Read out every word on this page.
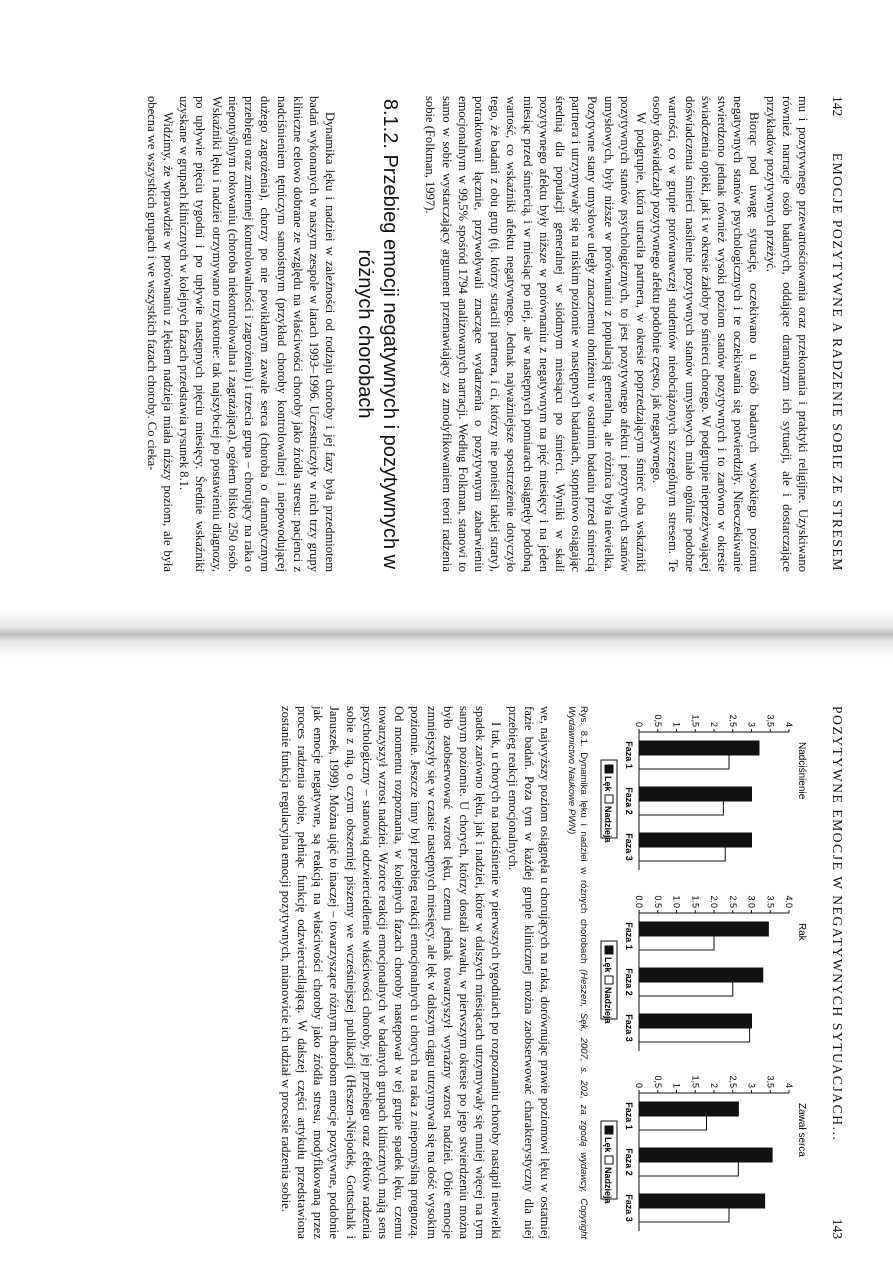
142
EMOCJE POZYTYWNE A RADZENIE SOBIE ZE STRESEM

mu i pozytywnego przewartościowania oraz przekonania i praktyki religijne. Uzyskiwano również narracje osób badanych, oddające dramatyzm ich sytuacji, ale i dostarczające przykładów pozytywnych przeżyć.

Biorąc pod uwagę sytuację, oczekiwano u osób badanych wysokiego poziomu negatywnych stanów psychologicznych i te oczekiwania się potwierdziły. Nieoczekiwanie stwierdzono jednak również wysoki poziom stanów pozytywnych i to zarówno w okresie świadczenia opieki, jak i w okresie żałoby po śmierci chorego. W podgrupie nieprzeżywającej doświadczenia śmierci nasilenie pozytywnych stanów umysłowych miało ogólnie podobne wartości, co w grupie porównawczej studentów nieobciążonych szczególnym stresem. Te osoby doświadczały pozytywnego afektu podobnie często, jak negatywnego.

W podgrupie, która utraciła partnera, w okresie poprzedzającym śmierć oba wskaźniki pozytywnych stanów psychologicznych, to jest pozytywnego afektu i pozytywnych stanów umysłowych, były niższe w porównaniu z populacją generalną, ale różnica była niewielka. Pozytywne stany umysłowe uległy znacznemu obniżeniu w ostatnim badaniu przed śmiercią partnera i utrzymywały się na niskim poziomie w następnych badaniach, stopniowo osiągając średnią dla populacji generalnej w siódmym miesiącu po śmierci. Wyniki w skali pozytywnego afektu były niższe w porównaniu z negatywnym na pięć miesięcy i na jeden miesiąc przed śmiercią, i w miesiąc po niej, ale w następnych pomiarach osiągnęły podobną wartość, co wskaźniki afektu negatywnego. Jednak najważniejsze spostrzeżenie dotyczyło tego, że badani z obu grup (tj. którzy stracili partnera, i ci, którzy nie ponieśli takiej straty), potraktowani łącznie, przywoływali znaczące wydarzenia o pozytywnym zabarwieniu emocjonalnym w 99,5% spośród 1794 analizowanych narracji. Według Folkman, stanowi to samo w sobie wystarczający argument przemawiający za zmodyfikowaniem teorii radzenia sobie (Folkman, 1997).

8.1.2. Przebieg emocji negatywnych i pozytywnych w różnych chorobach

Dynamika lęku i nadziei w zależności od rodzaju choroby i jej fazy była przedmiotem badań wykonanych w naszym zespole w latach 1993–1996. Uczestniczyły w nich trzy grupy kliniczne celowo dobrane ze względu na właściwości choroby jako źródła stresu: pacjenci z nadciśnieniem tętniczym samoistnym (przykład choroby kontrolowalnej i niepowodującej dużego zagrożenia), chorzy po nie powikłanym zawale serca (choroba o dramatycznym przebiegu oraz zmiennej kontrolowalności i zagrożeniu) i trzecia grupa – chorujący na raka o nieponyślnym rokowaniu (choroba niekontrolowalna i zagrażająca), ogółem blisko 250 osób. Wskaźniki lęku i nadziei otrzymywano trzykrotnie: tak najszybciej po postawieniu diagnozy, po upływie pięciu tygodni i po upływie następnych pięciu miesięcy. Średnie wskaźniki uzyskane w grupach klinicznych w kolejnych fazach przedstawia rysunek 8.1.

Widzimy, że wprawdzie w porównaniu z lękiem nadzieja miała niższy poziom, ale była obecna we wszystkich grupach i we wszystkich fazach choroby. Co cieka-

POZYTYWNE EMOCJE W NEGATYWNYCH SYTUACJACH...
143
Nadciśnienie
0 0,5 1 1,5 2 2,5 3 3,5 4
Faza 1
Faza 2
Faza 3
Lęk
Nadzieja
Rak
0.0 0.5 1.0 1.5 2.0 2.5 3.0 3.5 4.0
Faza 1
Faza 2
Faza 3
Lęk
Nadzieja
Zawał serca
0 0,5 1 1,5 2 2,5 3 3,5 4
Faza 1
Faza 2
Faza 3
Lęk
Nadzieja

Rys. 8.1. Dynamika lęku i nadziei w różnych chorobach (Heszen, Sęk, 2007, s. 202, za zgodą wydawcy, Copyright Wydawnictwo Naukowe PWN)

we, najwyższy poziom osiągnęła u chorujących na raka, dorównując prawie poziomowi lęku w ostatniej fazie badań. Poza tym w każdej grupie klinicznej można zaobserwować charakterystyczny dla niej przebieg reakcji emocjonalnych.

I tak, u chorych na nadciśnienie w pierwszych tygodniach po rozpoznaniu choroby nastąpił niewielki spadek zarówno lęku, jak i nadziei, które w dalszych miesiącach utrzymywały się mniej więcej na tym samym poziomie. U chorych, którzy dostali zawału, w pierwszym okresie po jego stwierdzeniu można było zaobserwować wzrost lęku, czemu jednak towarzyszył wyraźny wzrost nadziei. Obie emocje zmniejszyły się w czasie następnych miesięcy, ale lęk w dalszym ciągu utrzymywał się na dość wysokim poziomie. Jeszcze inny był przebieg reakcji emocjonalnych u chorych na raka z niepomyślną prognozą. Od momentu rozpoznania, w kolejnych fazach choroby następował w tej grupie spadek lęku, czemu towarzyszył wzrost nadziei. Wzorce reakcji emocjonalnych w badanych grupach klinicznych mają sens psychologiczny – stanowią odzwierciedlenie właściwości choroby, jej przebiegu oraz efektów radzenia sobie z nią, o czym obszerniej piszemy we wcześniejszej publikacji (Heszen-Niejodek, Gottschalk i Januszek, 1999). Można ująć to inaczej – towarzyszące różnym chorobom emocje pozytywne, podobnie jak emocje negatywne, są reakcją na właściwości choroby jako źródła stresu, modyfikowaną przez proces radzenia sobie, pełniąc funkcję odzwierciedlającą. W dalszej części artykułu przedstawiona zostanie funkcja regulacyjna emocji pozytywnych, mianowicie ich udział w procesie radzenia sobie.
